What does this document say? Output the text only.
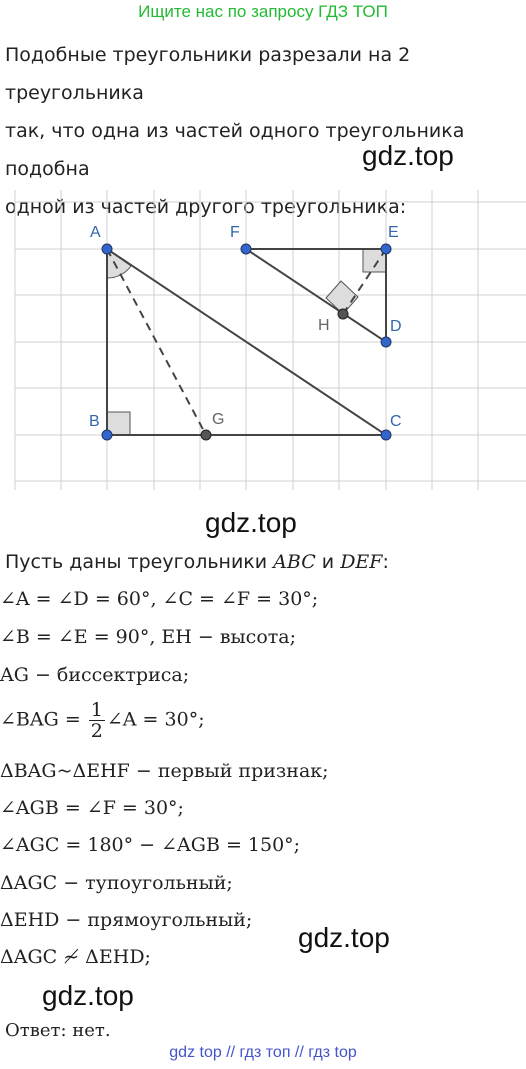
Ищите нас по запросу ГДЗ ТОП
Подобные треугольники разрезали на 2 треугольника
так, что одна из частей одного треугольника подобна
одной из частей другого треугольника:
gdz.top
A
B	C
F	E
D
G
H
gdz.top
Пусть даны треугольники ABC и DEF:
∠A = ∠D = 60°, ∠C = ∠F = 30°;
∠B = ∠E = 90°, EH − высота;
AG − биссектриса;
∠BAG = $\frac{1}{2}$ ∠A = 30°;
ΔBAG~ΔEHF − первый признак;
∠AGB = ∠F = 30°;
∠AGC = 180° − ∠AGB = 150°;
ΔAGC − тупоугольный;
ΔEHD − прямоугольный;
ΔAGC ≁ ΔEHD;
gdz.top
gdz.top
Ответ: нет.
gdz top // гдз топ // гдз top
